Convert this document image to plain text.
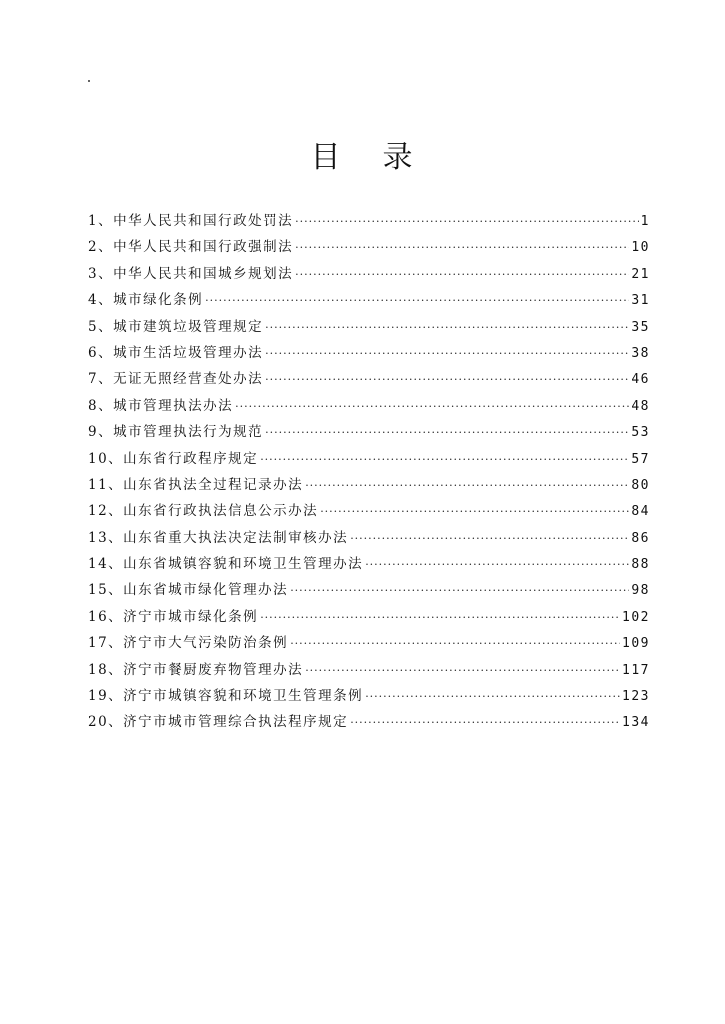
目 录
1、中华人民共和国行政处罚法 ·····	1
2、中华人民共和国行政强制法 ·····	10
3、中华人民共和国城乡规划法 ·····	21
4、城市绿化条例 ·····	31
5、城市建筑垃圾管理规定 ·····	35
6、城市生活垃圾管理办法 ·····	38
7、无证无照经营查处办法 ·····	46
8、城市管理执法办法 ·····	48
9、城市管理执法行为规范 ·····	53
10、山东省行政程序规定 ·····	57
11、山东省执法全过程记录办法 ·····	80
12、山东省行政执法信息公示办法 ·····	84
13、山东省重大执法决定法制审核办法 ·····	86
14、山东省城镇容貌和环境卫生管理办法 ·····	88
15、山东省城市绿化管理办法 ·····	98
16、济宁市城市绿化条例 ·····	102
17、济宁市大气污染防治条例 ·····	109
18、济宁市餐厨废弃物管理办法 ·····	117
19、济宁市城镇容貌和环境卫生管理条例 ·····	123
20、济宁市城市管理综合执法程序规定 ·····	134
